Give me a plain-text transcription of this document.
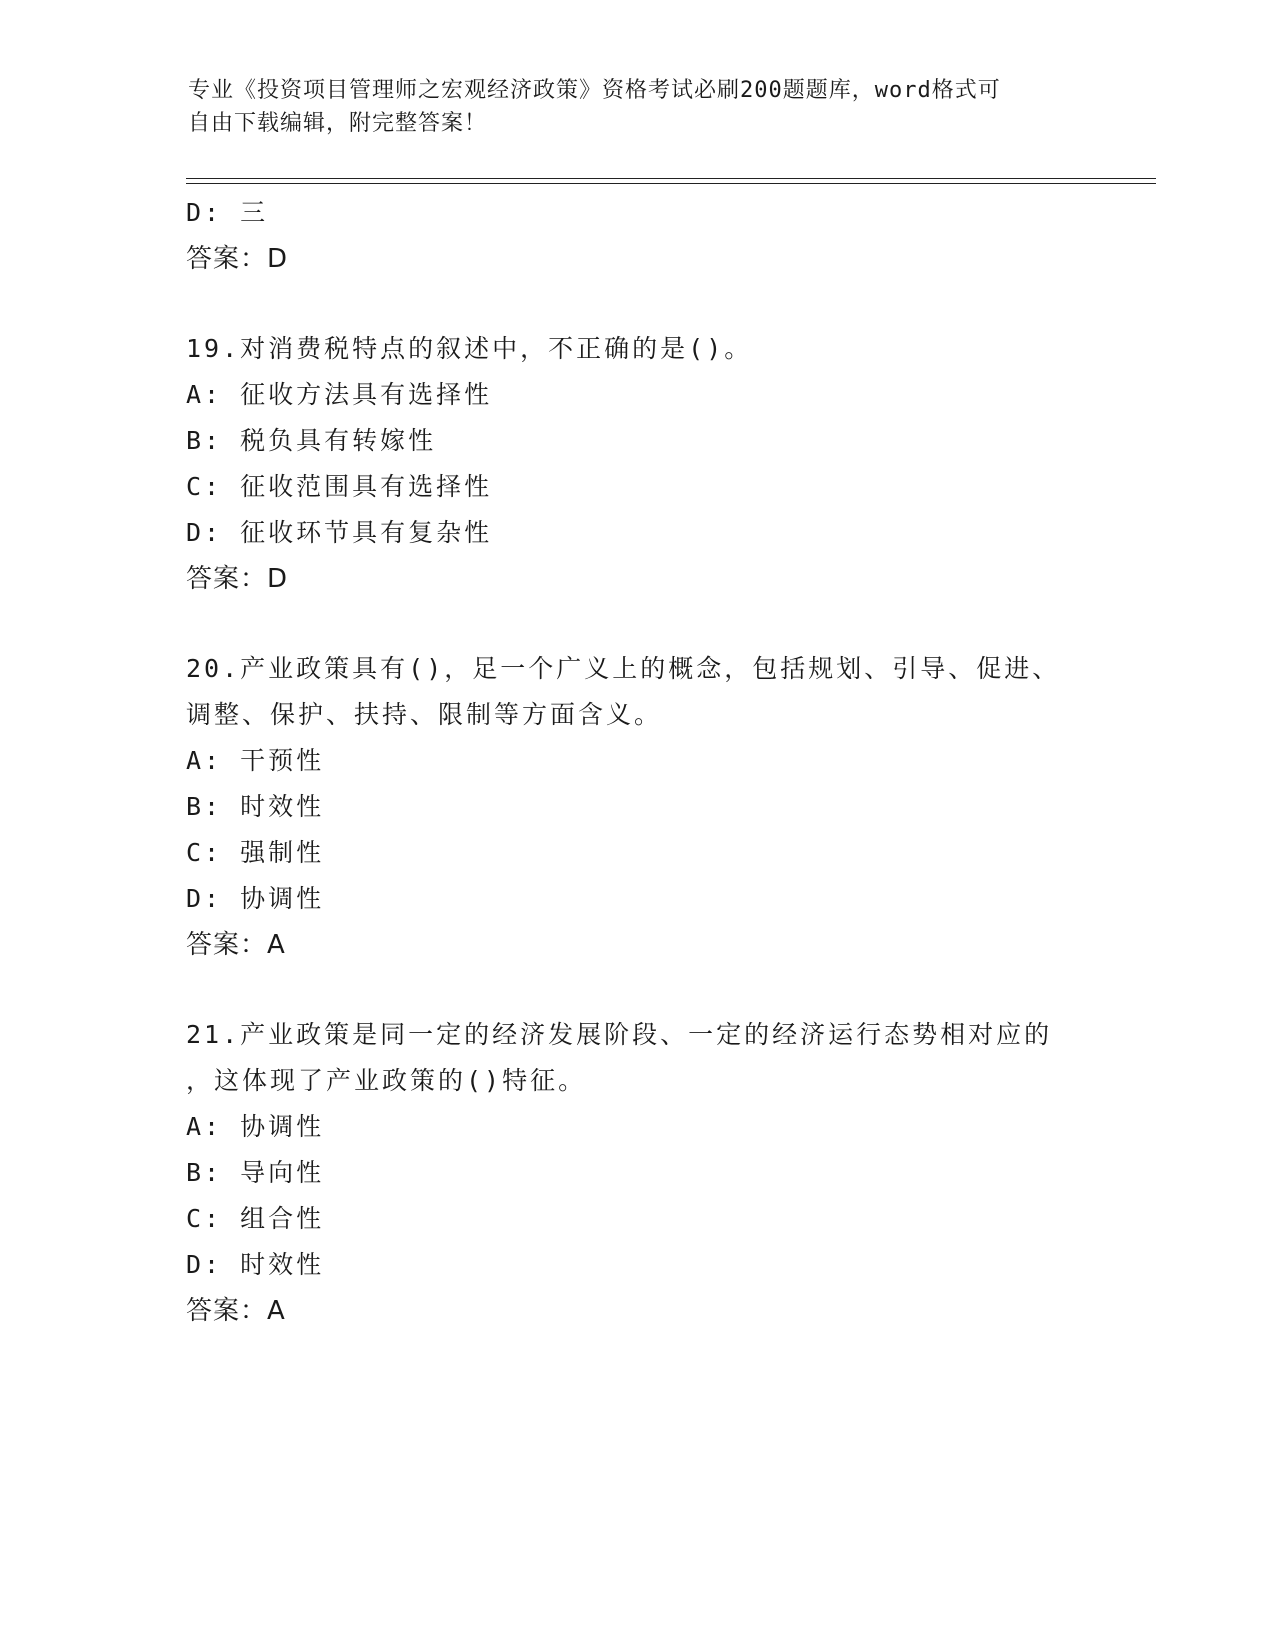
专业《投资项目管理师之宏观经济政策》资格考试必刷200题题库，word格式可
自由下载编辑，附完整答案！
D: 三
答案：D
19.对消费税特点的叙述中，不正确的是()。
A: 征收方法具有选择性
B: 税负具有转嫁性
C: 征收范围具有选择性
D: 征收环节具有复杂性
答案：D
20.产业政策具有()，足一个广义上的概念，包括规划、引导、促进、
调整、保护、扶持、限制等方面含义。
A: 干预性
B: 时效性
C: 强制性
D: 协调性
答案：A
21.产业政策是同一定的经济发展阶段、一定的经济运行态势相对应的
，这体现了产业政策的()特征。
A: 协调性
B: 导向性
C: 组合性
D: 时效性
答案：A
